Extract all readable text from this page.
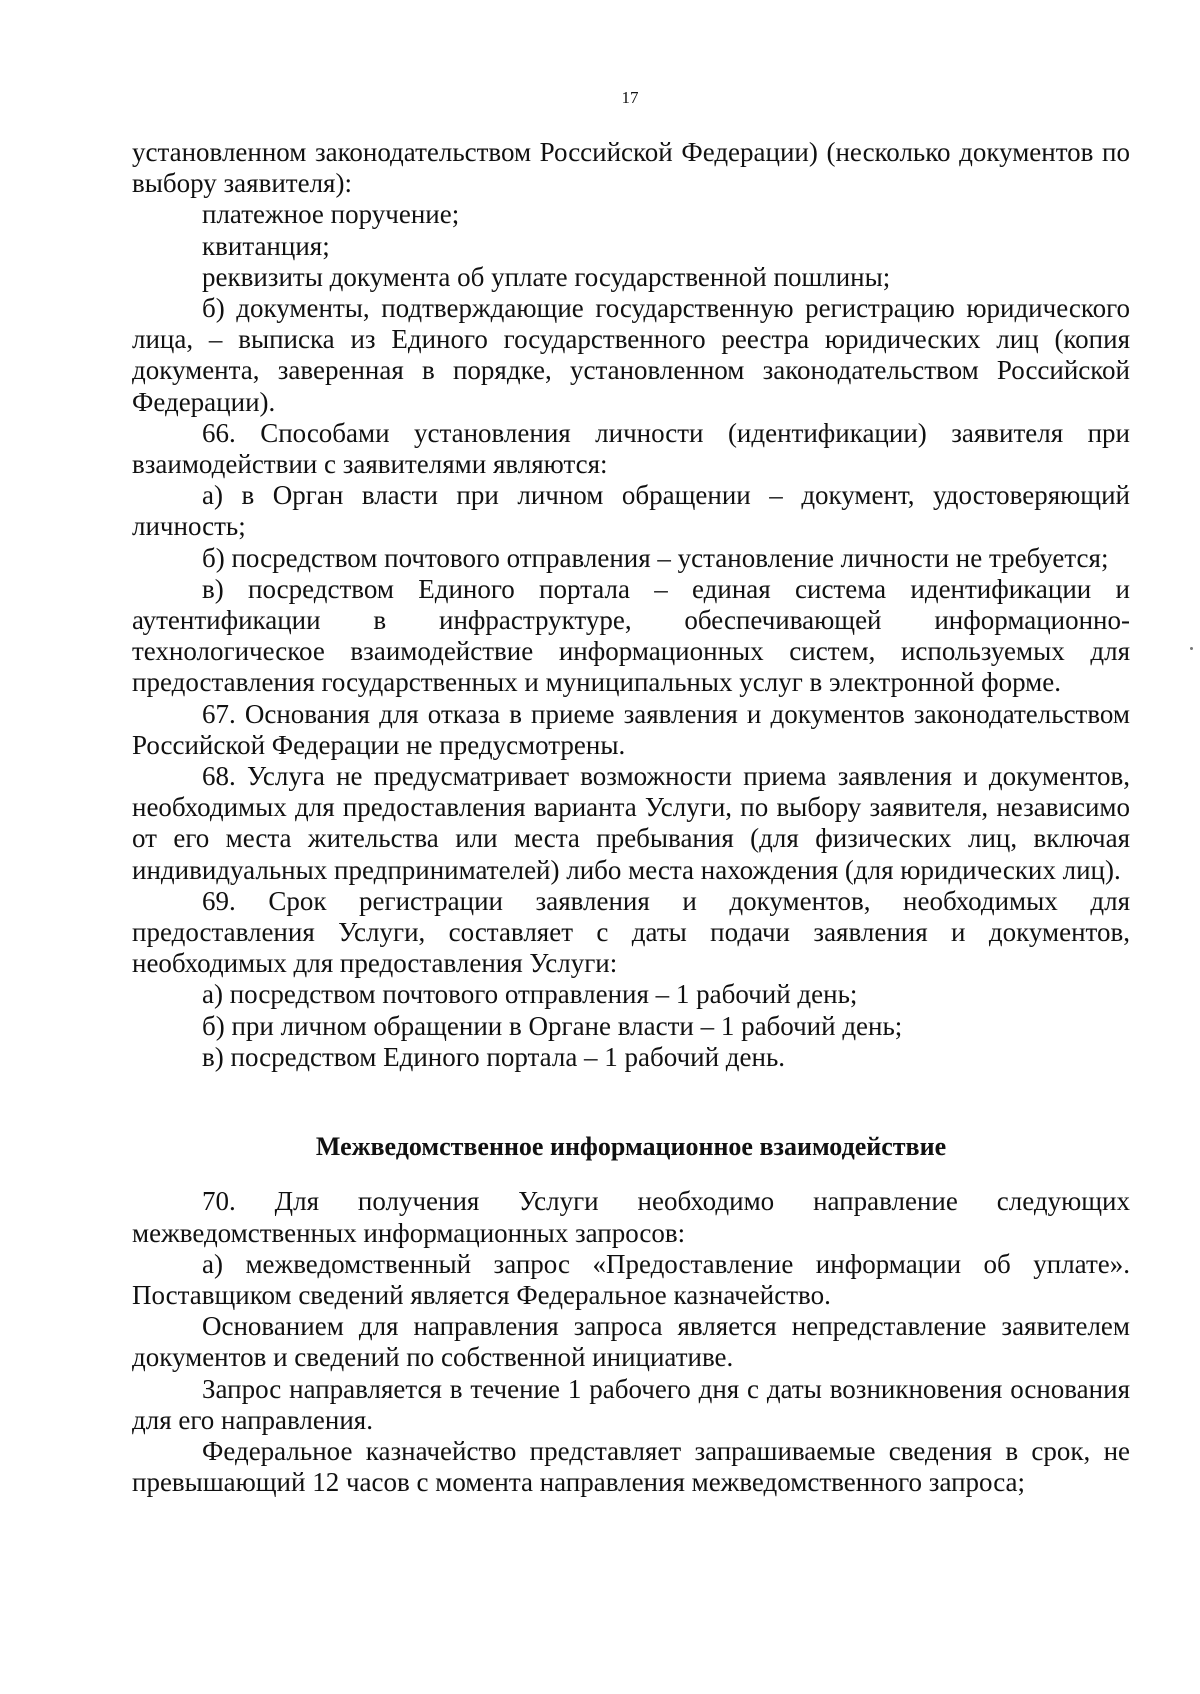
17

установленном законодательством Российской Федерации) (несколько документов по выбору заявителя):

платежное поручение;

квитанция;

реквизиты документа об уплате государственной пошлины;

б) документы, подтверждающие государственную регистрацию юридического лица, – выписка из Единого государственного реестра юридических лиц (копия документа, заверенная в порядке, установленном законодательством Российской Федерации).

66. Способами установления личности (идентификации) заявителя при взаимодействии с заявителями являются:

а) в Орган власти при личном обращении – документ, удостоверяющий личность;

б) посредством почтового отправления – установление личности не требуется;

в) посредством Единого портала – единая система идентификации и аутентификации в инфраструктуре, обеспечивающей информационно-технологическое взаимодействие информационных систем, используемых для предоставления государственных и муниципальных услуг в электронной форме.

67. Основания для отказа в приеме заявления и документов законодательством Российской Федерации не предусмотрены.

68. Услуга не предусматривает возможности приема заявления и документов, необходимых для предоставления варианта Услуги, по выбору заявителя, независимо от его места жительства или места пребывания (для физических лиц, включая индивидуальных предпринимателей) либо места нахождения (для юридических лиц).

69. Срок регистрации заявления и документов, необходимых для предоставления Услуги, составляет с даты подачи заявления и документов, необходимых для предоставления Услуги:

а) посредством почтового отправления – 1 рабочий день;

б) при личном обращении в Органе власти – 1 рабочий день;

в) посредством Единого портала – 1 рабочий день.

Межведомственное информационное взаимодействие

70. Для получения Услуги необходимо направление следующих межведомственных информационных запросов:

а) межведомственный запрос «Предоставление информации об уплате». Поставщиком сведений является Федеральное казначейство.

Основанием для направления запроса является непредставление заявителем документов и сведений по собственной инициативе.

Запрос направляется в течение 1 рабочего дня с даты возникновения основания для его направления.

Федеральное казначейство представляет запрашиваемые сведения в срок, не превышающий 12 часов с момента направления межведомственного запроса;
